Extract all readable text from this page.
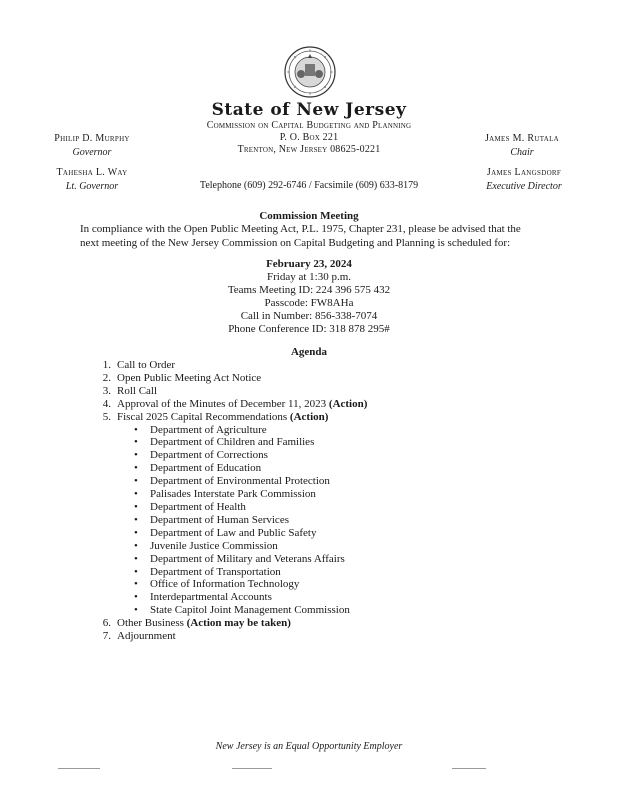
State of New Jersey
Commission on Capital Budgeting and Planning
P. O. Box 221
Trenton, New Jersey 08625-0221
Telephone (609) 292-6746 / Facsimile (609) 633-8179
Philip D. Murphy
Governor
Tahesha L. Way
Lt. Governor
James M. Rutala
Chair
James Langsdorf
Executive Director
Commission Meeting
In compliance with the Open Public Meeting Act, P.L. 1975, Chapter 231, please be advised that the next meeting of the New Jersey Commission on Capital Budgeting and Planning is scheduled for:
February 23, 2024
Friday at 1:30 p.m.
Teams Meeting ID: 224 396 575 432
Passcode: FW8AHa
Call in Number: 856-338-7074
Phone Conference ID: 318 878 295#
Agenda
1. Call to Order
2. Open Public Meeting Act Notice
3. Roll Call
4. Approval of the Minutes of December 11, 2023 (Action)
5. Fiscal 2025 Capital Recommendations (Action)
• Department of Agriculture
• Department of Children and Families
• Department of Corrections
• Department of Education
• Department of Environmental Protection
• Palisades Interstate Park Commission
• Department of Health
• Department of Human Services
• Department of Law and Public Safety
• Juvenile Justice Commission
• Department of Military and Veterans Affairs
• Department of Transportation
• Office of Information Technology
• Interdepartmental Accounts
• State Capitol Joint Management Commission
6. Other Business (Action may be taken)
7. Adjournment
New Jersey is an Equal Opportunity Employer
